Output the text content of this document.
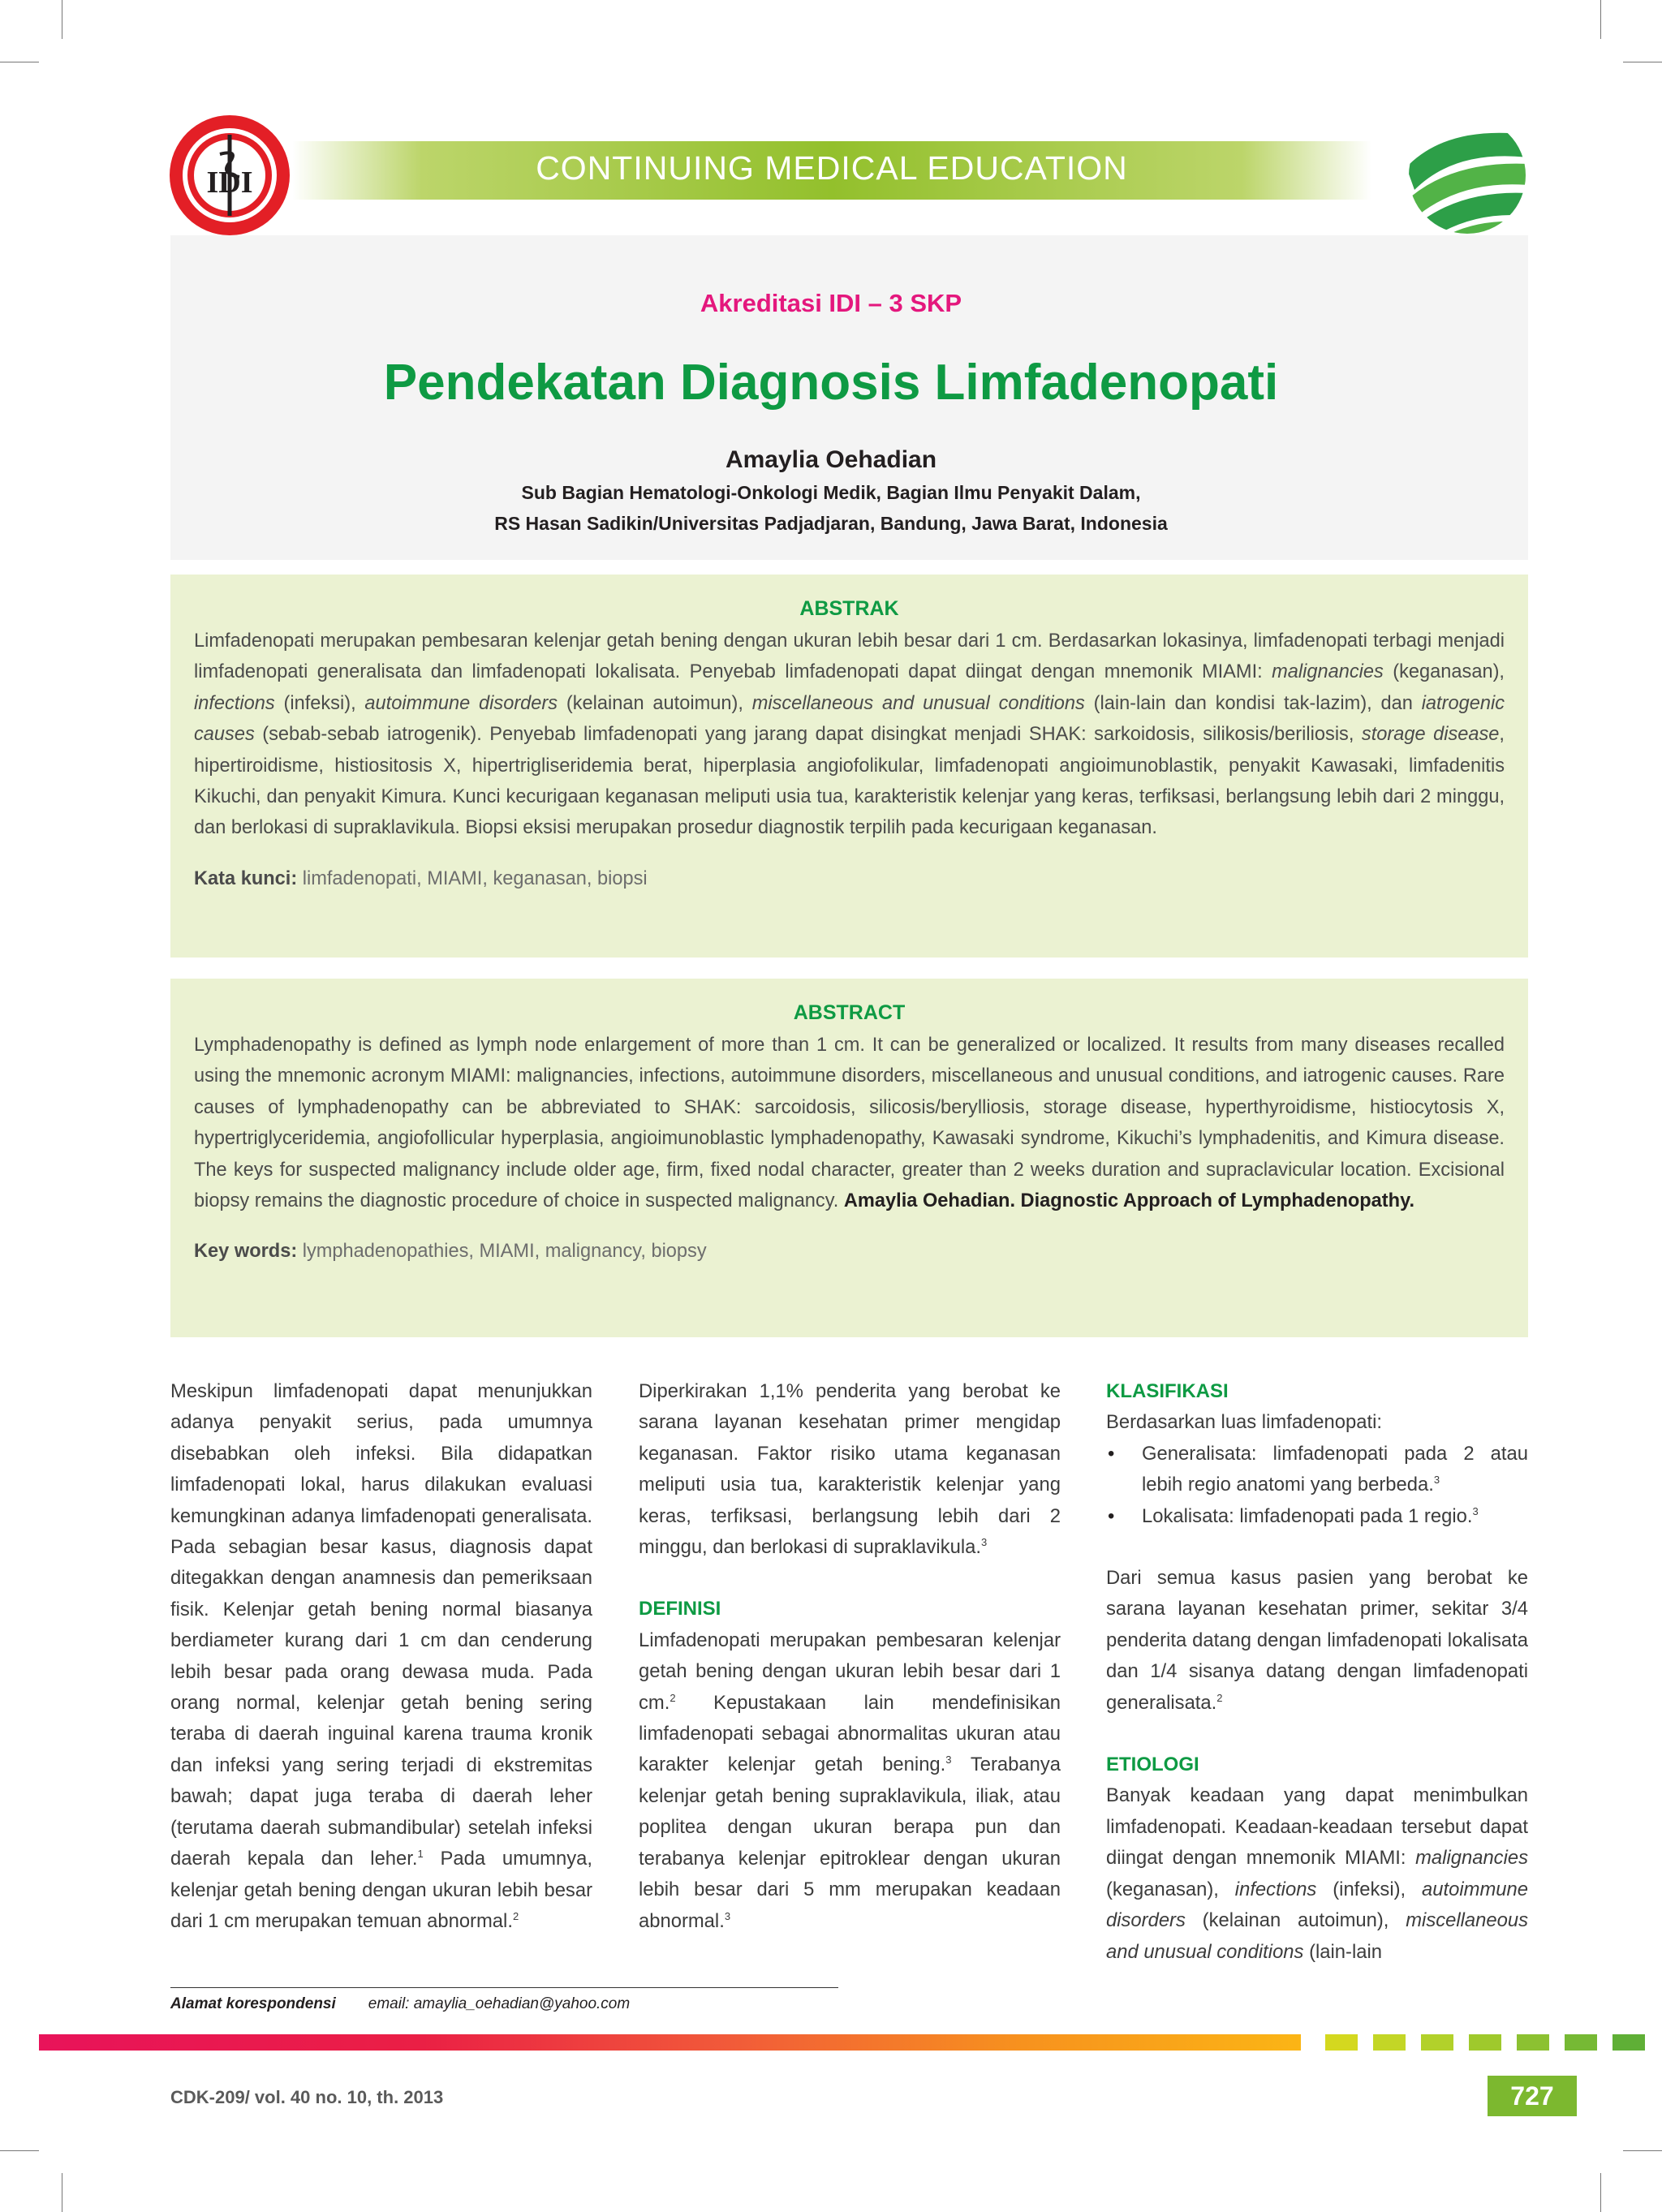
IDI	CONTINUING MEDICAL EDUCATION
Akreditasi IDI – 3 SKP
Pendekatan Diagnosis Limfadenopati
Amaylia Oehadian
Sub Bagian Hematologi-Onkologi Medik, Bagian Ilmu Penyakit Dalam,
RS Hasan Sadikin/Universitas Padjadjaran, Bandung, Jawa Barat, Indonesia
ABSTRAK

Limfadenopati merupakan pembesaran kelenjar getah bening dengan ukuran lebih besar dari 1 cm. Berdasarkan lokasinya, limfadenopati terbagi menjadi limfadenopati generalisata dan limfadenopati lokalisata. Penyebab limfadenopati dapat diingat dengan mnemonik MIAMI: malignancies (keganasan), infections (infeksi), autoimmune disorders (kelainan autoimun), miscellaneous and unusual conditions (lain-lain dan kondisi tak-lazim), dan iatrogenic causes (sebab-sebab iatrogenik). Penyebab limfadenopati yang jarang dapat disingkat menjadi SHAK: sarkoidosis, silikosis/beriliosis, storage disease, hipertiroidisme, histiositosis X, hipertrigliseridemia berat, hiperplasia angiofolikular, limfadenopati angioimunoblastik, penyakit Kawasaki, limfadenitis Kikuchi, dan penyakit Kimura. Kunci kecurigaan keganasan meliputi usia tua, karakteristik kelenjar yang keras, terfiksasi, berlangsung lebih dari 2 minggu, dan berlokasi di supraklavikula. Biopsi eksisi merupakan prosedur diagnostik terpilih pada kecurigaan keganasan.

Kata kunci: limfadenopati, MIAMI, keganasan, biopsi
ABSTRACT

Lymphadenopathy is defined as lymph node enlargement of more than 1 cm. It can be generalized or localized. It results from many diseases recalled using the mnemonic acronym MIAMI: malignancies, infections, autoimmune disorders, miscellaneous and unusual conditions, and iatrogenic causes. Rare causes of lymphadenopathy can be abbreviated to SHAK: sarcoidosis, silicosis/berylliosis, storage disease, hyperthyroidisme, histiocytosis X, hypertriglyceridemia, angiofollicular hyperplasia, angioimunoblastic lymphadenopathy, Kawasaki syndrome, Kikuchi’s lymphadenitis, and Kimura disease. The keys for suspected malignancy include older age, firm, fixed nodal character, greater than 2 weeks duration and supraclavicular location. Excisional biopsy remains the diagnostic procedure of choice in suspected malignancy. Amaylia Oehadian. Diagnostic Approach of Lymphadenopathy.

Key words: lymphadenopathies, MIAMI, malignancy, biopsy

Meskipun limfadenopati dapat menunjukkan adanya penyakit serius, pada umumnya disebabkan oleh infeksi. Bila didapatkan limfadenopati lokal, harus dilakukan evaluasi kemungkinan adanya limfadenopati generalisata. Pada sebagian besar kasus, diagnosis dapat ditegakkan dengan anamnesis dan pemeriksaan fisik. Kelenjar getah bening normal biasanya berdiameter kurang dari 1 cm dan cenderung lebih besar pada orang dewasa muda. Pada orang normal, kelenjar getah bening sering teraba di daerah inguinal karena trauma kronik dan infeksi yang sering terjadi di ekstremitas bawah; dapat juga teraba di daerah leher (terutama daerah submandibular) setelah infeksi daerah kepala dan leher.$^1$ Pada umumnya, kelenjar getah bening dengan ukuran lebih besar dari 1 cm merupakan temuan abnormal.$^2$

Diperkirakan 1,1% penderita yang berobat ke sarana layanan kesehatan primer mengidap keganasan. Faktor risiko utama keganasan meliputi usia tua, karakteristik kelenjar yang keras, terfiksasi, berlangsung lebih dari 2 minggu, dan berlokasi di supraklavikula.$^3$

DEFINISI

Limfadenopati merupakan pembesaran kelenjar getah bening dengan ukuran lebih besar dari 1 cm.$^2$ Kepustakaan lain mendefinisikan limfadenopati sebagai abnormalitas ukuran atau karakter kelenjar getah bening.$^3$ Terabanya kelenjar getah bening supraklavikula, iliak, atau poplitea dengan ukuran berapa pun dan terabanya kelenjar epitroklear dengan ukuran lebih besar dari 5 mm merupakan keadaan abnormal.$^3$

KLASIFIKASI

Berdasarkan luas limfadenopati:

• Generalisata: limfadenopati pada 2 atau lebih regio anatomi yang berbeda.$^3$
• Lokalisata: limfadenopati pada 1 regio.$^3$

Dari semua kasus pasien yang berobat ke sarana layanan kesehatan primer, sekitar 3/4 penderita datang dengan limfadenopati lokalisata dan 1/4 sisanya datang dengan limfadenopati generalisata.$^2$

ETIOLOGI

Banyak keadaan yang dapat menimbulkan limfadenopati. Keadaan-keadaan tersebut dapat diingat dengan mnemonik MIAMI: malignancies (keganasan), infections (infeksi), autoimmune disorders (kelainan autoimun), miscellaneous and unusual conditions (lain-lain

Alamat korespondensi email: amaylia_oehadian@yahoo.com
CDK-209/ vol. 40 no. 10, th. 2013	727
